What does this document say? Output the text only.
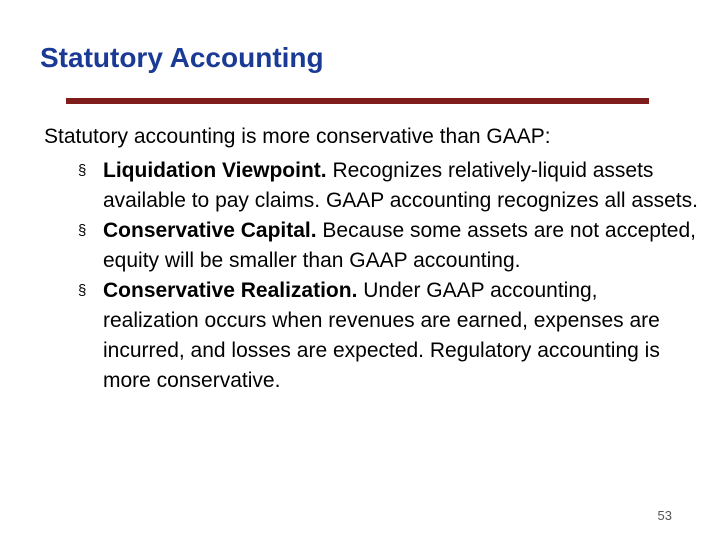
Statutory Accounting
Statutory accounting is more conservative than GAAP:
§ Liquidation Viewpoint. Recognizes relatively-liquid assets available to pay claims. GAAP accounting recognizes all assets.
§ Conservative Capital. Because some assets are not accepted, equity will be smaller than GAAP accounting.
§ Conservative Realization. Under GAAP accounting, realization occurs when revenues are earned, expenses are incurred, and losses are expected. Regulatory accounting is more conservative.
53
